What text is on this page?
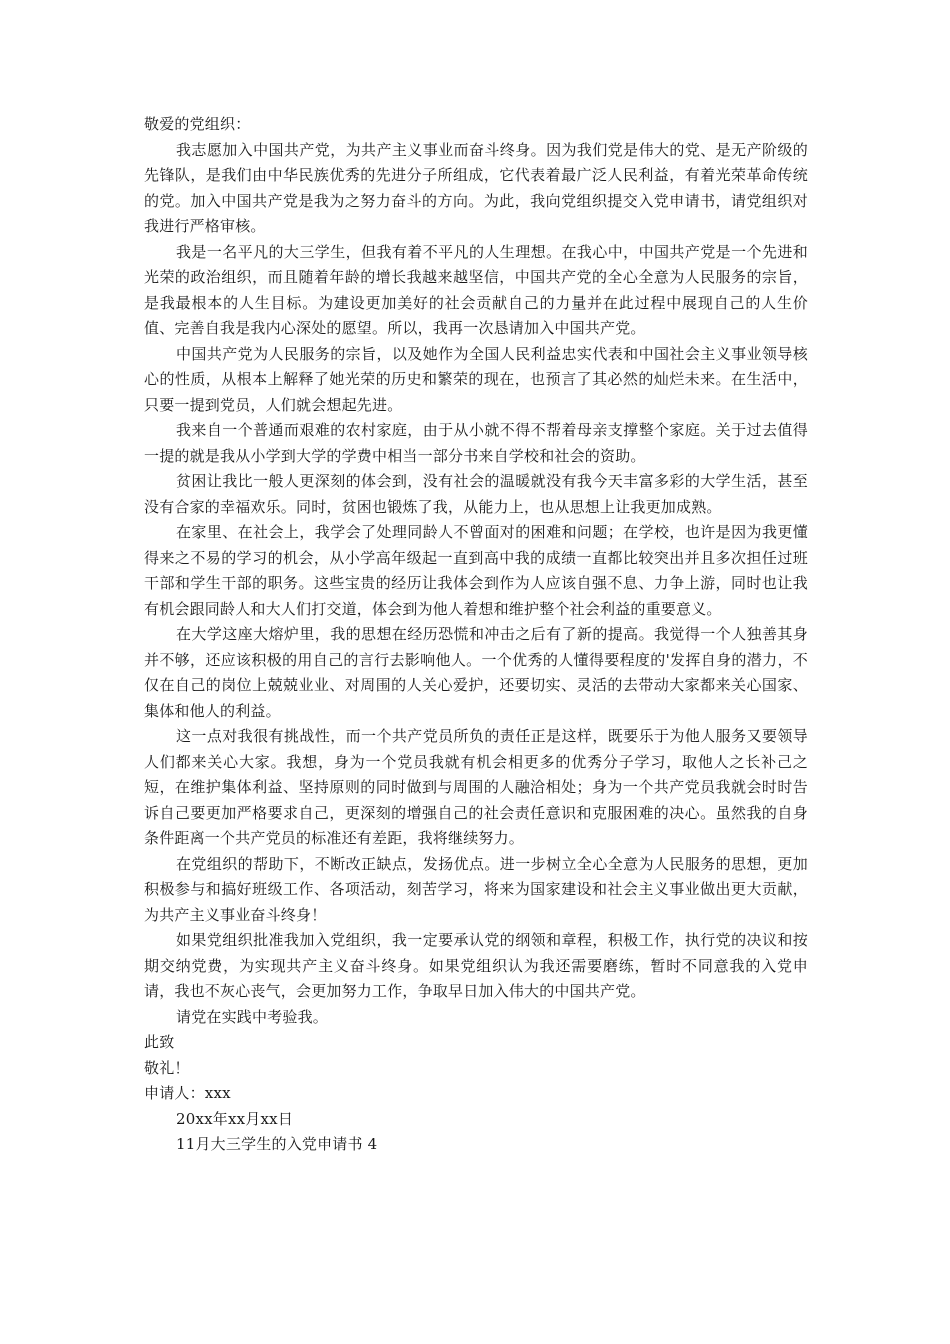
敬爱的党组织：

我志愿加入中国共产党，为共产主义事业而奋斗终身。因为我们党是伟大的党、是无产阶级的先锋队，是我们由中华民族优秀的先进分子所组成，它代表着最广泛人民利益，有着光荣革命传统的党。加入中国共产党是我为之努力奋斗的方向。为此，我向党组织提交入党申请书，请党组织对我进行严格审核。

我是一名平凡的大三学生，但我有着不平凡的人生理想。在我心中，中国共产党是一个先进和光荣的政治组织，而且随着年龄的增长我越来越坚信，中国共产党的全心全意为人民服务的宗旨，是我最根本的人生目标。为建设更加美好的社会贡献自己的力量并在此过程中展现自己的人生价值、完善自我是我内心深处的愿望。所以，我再一次恳请加入中国共产党。

中国共产党为人民服务的宗旨，以及她作为全国人民利益忠实代表和中国社会主义事业领导核心的性质，从根本上解释了她光荣的历史和繁荣的现在，也预言了其必然的灿烂未来。在生活中，只要一提到党员，人们就会想起先进。

我来自一个普通而艰难的农村家庭，由于从小就不得不帮着母亲支撑整个家庭。关于过去值得一提的就是我从小学到大学的学费中相当一部分书来自学校和社会的资助。

贫困让我比一般人更深刻的体会到，没有社会的温暖就没有我今天丰富多彩的大学生活，甚至没有合家的幸福欢乐。同时，贫困也锻炼了我，从能力上，也从思想上让我更加成熟。

在家里、在社会上，我学会了处理同龄人不曾面对的困难和问题；在学校，也许是因为我更懂得来之不易的学习的机会，从小学高年级起一直到高中我的成绩一直都比较突出并且多次担任过班干部和学生干部的职务。这些宝贵的经历让我体会到作为人应该自强不息、力争上游，同时也让我有机会跟同龄人和大人们打交道，体会到为他人着想和维护整个社会利益的重要意义。

在大学这座大熔炉里，我的思想在经历恐慌和冲击之后有了新的提高。我觉得一个人独善其身并不够，还应该积极的用自己的言行去影响他人。一个优秀的人懂得要程度的'发挥自身的潜力，不仅在自己的岗位上兢兢业业、对周围的人关心爱护，还要切实、灵活的去带动大家都来关心国家、集体和他人的利益。

这一点对我很有挑战性，而一个共产党员所负的责任正是这样，既要乐于为他人服务又要领导人们都来关心大家。我想，身为一个党员我就有机会相更多的优秀分子学习，取他人之长补己之短，在维护集体利益、坚持原则的同时做到与周围的人融洽相处；身为一个共产党员我就会时时告诉自己要更加严格要求自己，更深刻的增强自己的社会责任意识和克服困难的决心。虽然我的自身条件距离一个共产党员的标准还有差距，我将继续努力。

在党组织的帮助下，不断改正缺点，发扬优点。进一步树立全心全意为人民服务的思想，更加积极参与和搞好班级工作、各项活动，刻苦学习，将来为国家建设和社会主义事业做出更大贡献，为共产主义事业奋斗终身！

如果党组织批准我加入党组织，我一定要承认党的纲领和章程，积极工作，执行党的决议和按期交纳党费，为实现共产主义奋斗终身。如果党组织认为我还需要磨练，暂时不同意我的入党申请，我也不灰心丧气，会更加努力工作，争取早日加入伟大的中国共产党。

请党在实践中考验我。

此致

敬礼！

申请人：xxx

20xx年xx月xx日

11月大三学生的入党申请书 4
